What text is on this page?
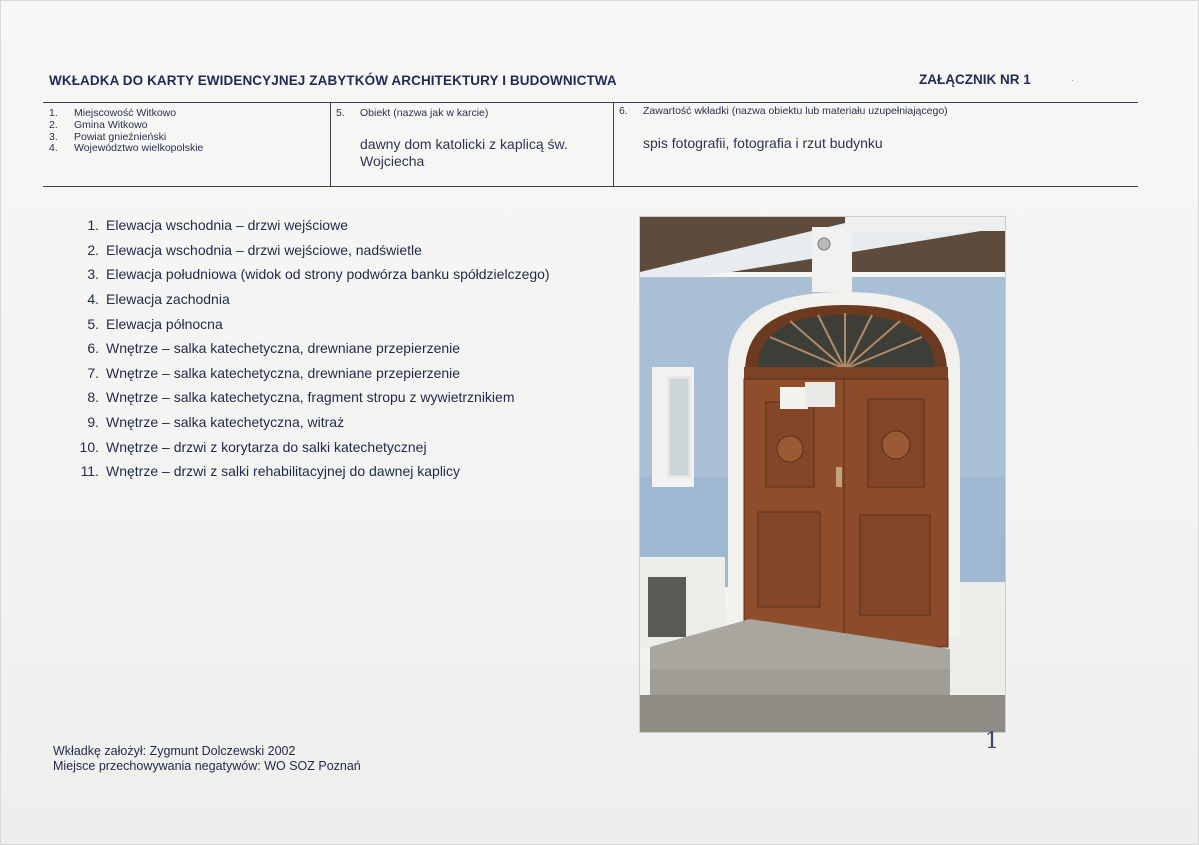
WKŁADKA DO KARTY EWIDENCYJNEJ ZABYTKÓW ARCHITEKTURY I BUDOWNICTWA	ZAŁĄCZNIK NR 1	.
1.	Miejscowość Witkowo
2.	Gmina Witkowo
3.	Powiat gnieźnieński
4.	Województwo wielkopolskie
5. Obiekt (nazwa jak w karcie)
dawny dom katolicki z kaplicą św. Wojciecha
6. Zawartość wkładki (nazwa obiektu lub materiału uzupełniającego)
spis fotografii, fotografia i rzut budynku
1. Elewacja wschodnia – drzwi wejściowe
2. Elewacja wschodnia – drzwi wejściowe, nadświetle
3. Elewacja południowa (widok od strony podwórza banku spółdzielczego)
4. Elewacja zachodnia
5. Elewacja północna
6. Wnętrze – salka katechetyczna, drewniane przepierzenie
7. Wnętrze – salka katechetyczna, drewniane przepierzenie
8. Wnętrze – salka katechetyczna, fragment stropu z wywietrznikiem
9. Wnętrze – salka katechetyczna, witraż
10. Wnętrze – drzwi z korytarza do salki katechetycznej
11. Wnętrze – drzwi z salki rehabilitacyjnej do dawnej kaplicy
Wkładkę założył: Zygmunt Dolczewski 2002
Miejsce przechowywania negatywów: WO SOZ Poznań
1
